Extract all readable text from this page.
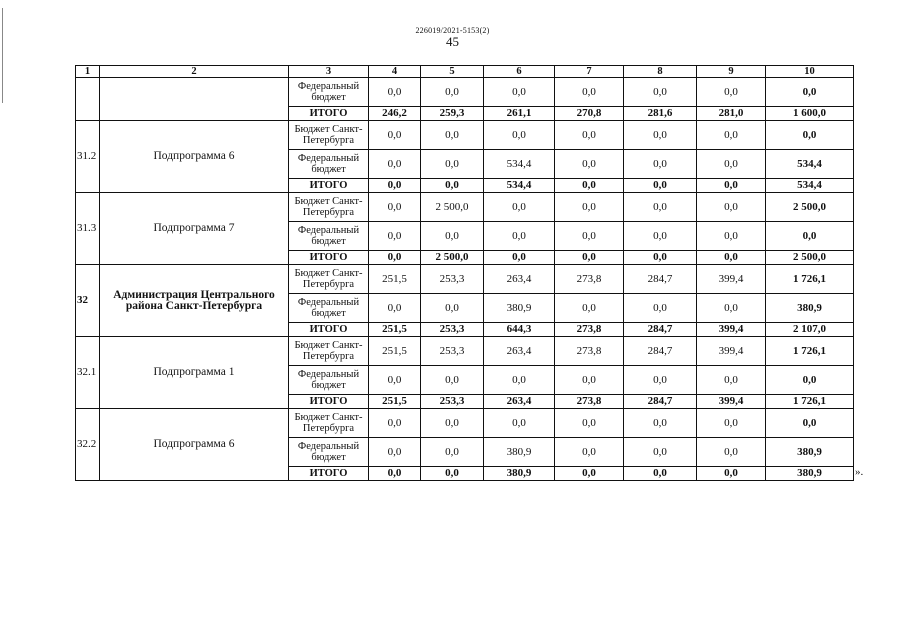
226019/2021-5153(2)
45
1	2	3	4	5	6	7	8	9	10
		Федеральный бюджет	0,0	0,0	0,0	0,0	0,0	0,0	0,0
		ИТОГО	246,2	259,3	261,1	270,8	281,6	281,0	1 600,0
31.2	Подпрограмма 6	Бюджет Санкт-Петербурга	0,0	0,0	0,0	0,0	0,0	0,0	0,0
		Федеральный бюджет	0,0	0,0	534,4	0,0	0,0	0,0	534,4
		ИТОГО	0,0	0,0	534,4	0,0	0,0	0,0	534,4
31.3	Подпрограмма 7	Бюджет Санкт-Петербурга	0,0	2 500,0	0,0	0,0	0,0	0,0	2 500,0
		Федеральный бюджет	0,0	0,0	0,0	0,0	0,0	0,0	0,0
		ИТОГО	0,0	2 500,0	0,0	0,0	0,0	0,0	2 500,0
32	Администрация Центрального района Санкт-Петербурга	Бюджет Санкт-Петербурга	251,5	253,3	263,4	273,8	284,7	399,4	1 726,1
		Федеральный бюджет	0,0	0,0	380,9	0,0	0,0	0,0	380,9
		ИТОГО	251,5	253,3	644,3	273,8	284,7	399,4	2 107,0
32.1	Подпрограмма 1	Бюджет Санкт-Петербурга	251,5	253,3	263,4	273,8	284,7	399,4	1 726,1
		Федеральный бюджет	0,0	0,0	0,0	0,0	0,0	0,0	0,0
		ИТОГО	251,5	253,3	263,4	273,8	284,7	399,4	1 726,1
32.2	Подпрограмма 6	Бюджет Санкт-Петербурга	0,0	0,0	0,0	0,0	0,0	0,0	0,0
		Федеральный бюджет	0,0	0,0	380,9	0,0	0,0	0,0	380,9
		ИТОГО	0,0	0,0	380,9	0,0	0,0	0,0	380,9	».
